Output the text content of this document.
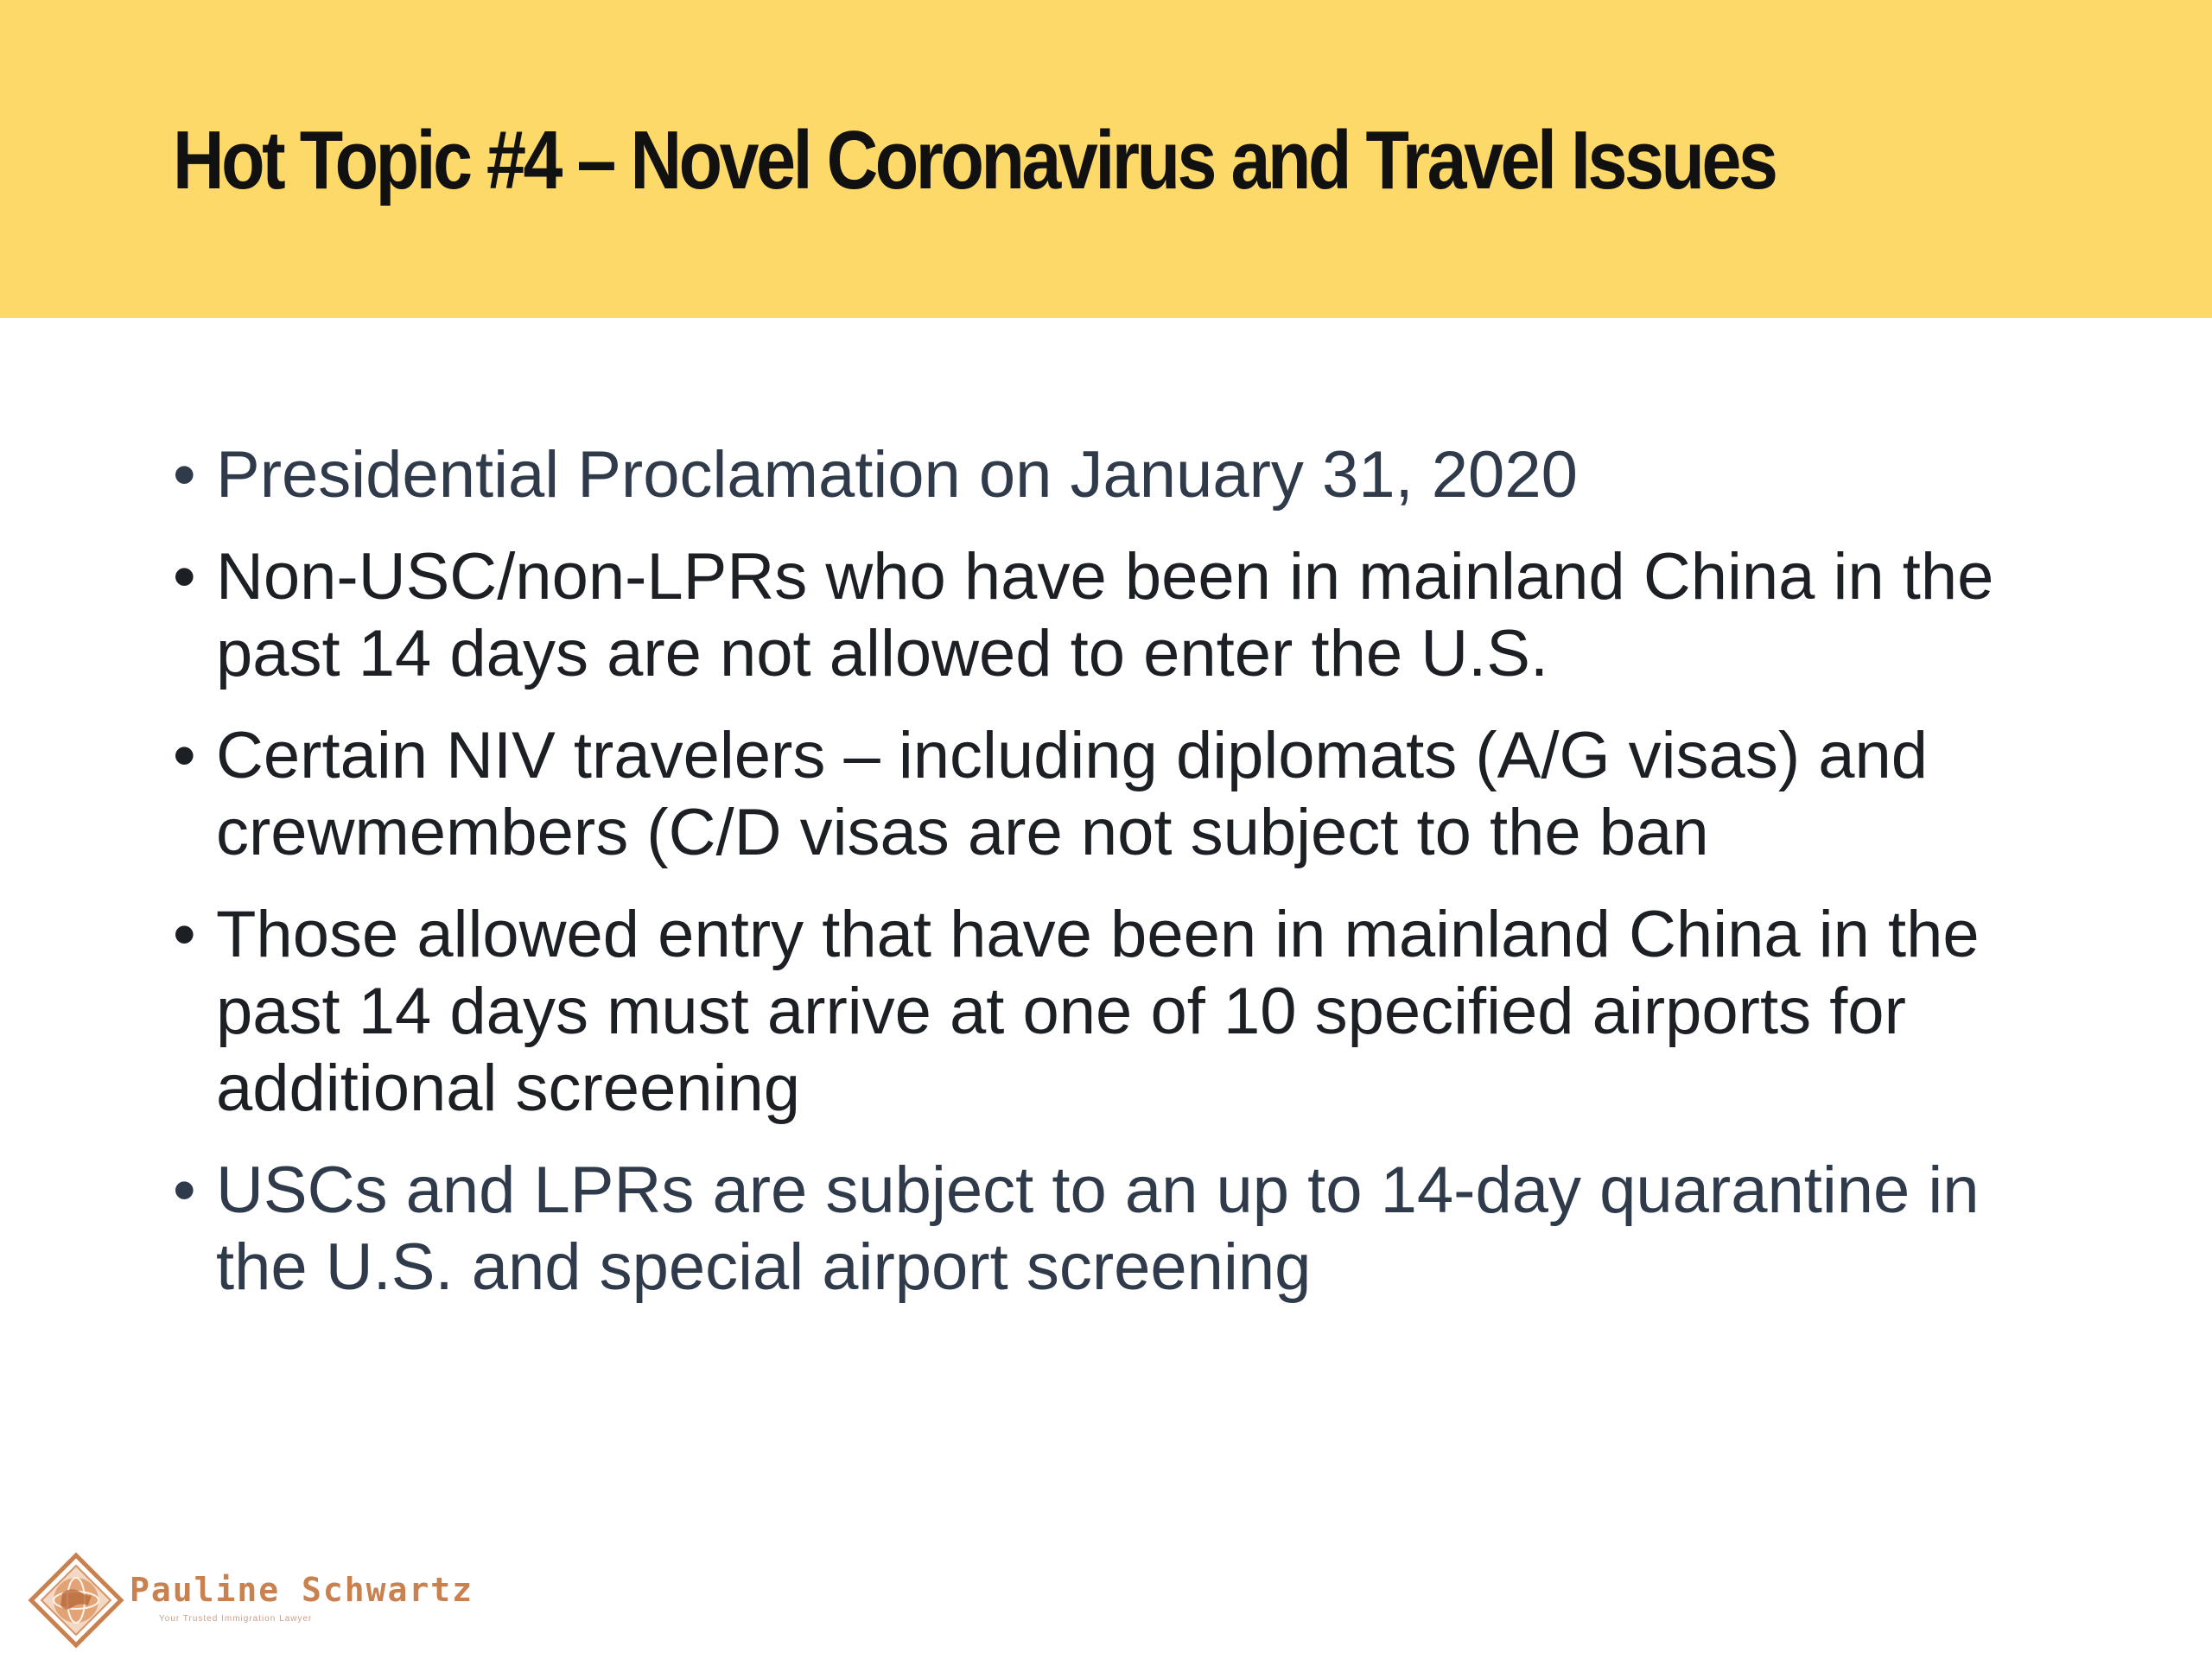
Hot Topic #4 – Novel Coronavirus and Travel Issues
• Presidential Proclamation on January 31, 2020
• Non-USC/non-LPRs who have been in mainland China in the past 14 days are not allowed to enter the U.S.
• Certain NIV travelers – including diplomats (A/G visas) and crewmembers (C/D visas are not subject to the ban
• Those allowed entry that have been in mainland China in the past 14 days must arrive at one of 10 specified airports for additional screening
• USCs and LPRs are subject to an up to 14-day quarantine in the U.S. and special airport screening
Pauline Schwartz
Your Trusted Immigration Lawyer
